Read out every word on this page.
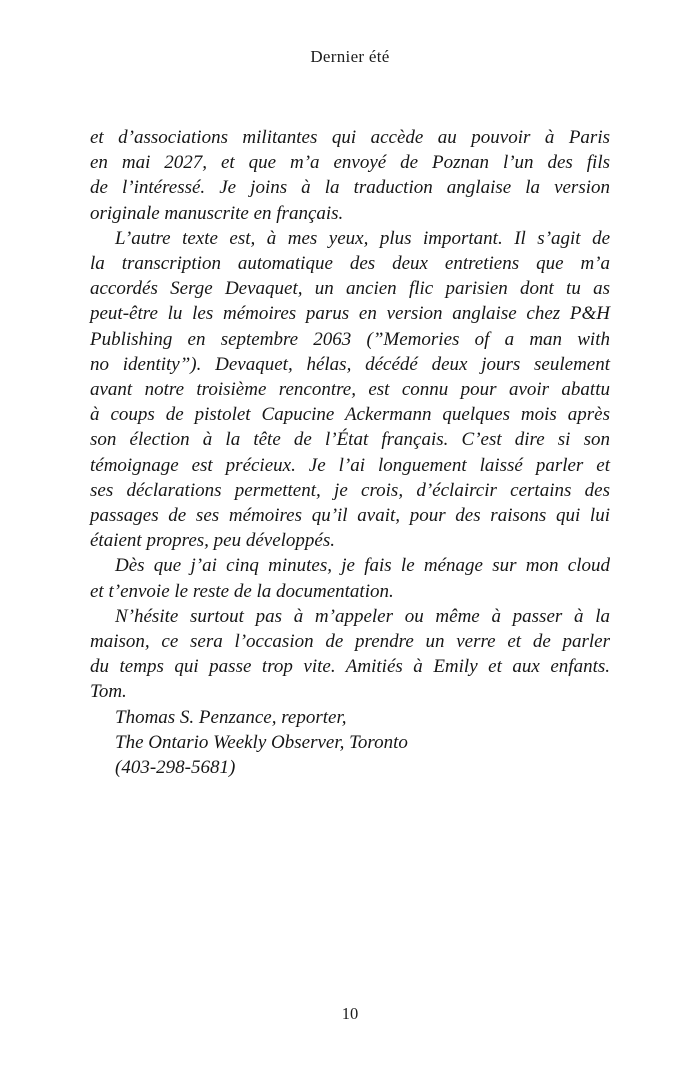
Dernier été
et d’associations militantes qui accède au pouvoir à Paris
en mai 2027, et que m’a envoyé de Poznan l’un des fils
de l’intéressé. Je joins à la traduction anglaise la version
originale manuscrite en français.
L’autre texte est, à mes yeux, plus important. Il s’agit de
la transcription automatique des deux entretiens que m’a
accordés Serge Devaquet, un ancien flic parisien dont tu as
peut-être lu les mémoires parus en version anglaise chez P&H
Publishing en septembre 2063 (”Memories of a man with
no identity”). Devaquet, hélas, décédé deux jours seulement
avant notre troisième rencontre, est connu pour avoir abattu
à coups de pistolet Capucine Ackermann quelques mois après
son élection à la tête de l’État français. C’est dire si son
témoignage est précieux. Je l’ai longuement laissé parler et
ses déclarations permettent, je crois, d’éclaircir certains des
passages de ses mémoires qu’il avait, pour des raisons qui lui
étaient propres, peu développés.
Dès que j’ai cinq minutes, je fais le ménage sur mon cloud
et t’envoie le reste de la documentation.
N’hésite surtout pas à m’appeler ou même à passer à la
maison, ce sera l’occasion de prendre un verre et de parler
du temps qui passe trop vite. Amitiés à Emily et aux enfants.
Tom.
Thomas S. Penzance, reporter,
The Ontario Weekly Observer, Toronto
(403-298-5681)
10
